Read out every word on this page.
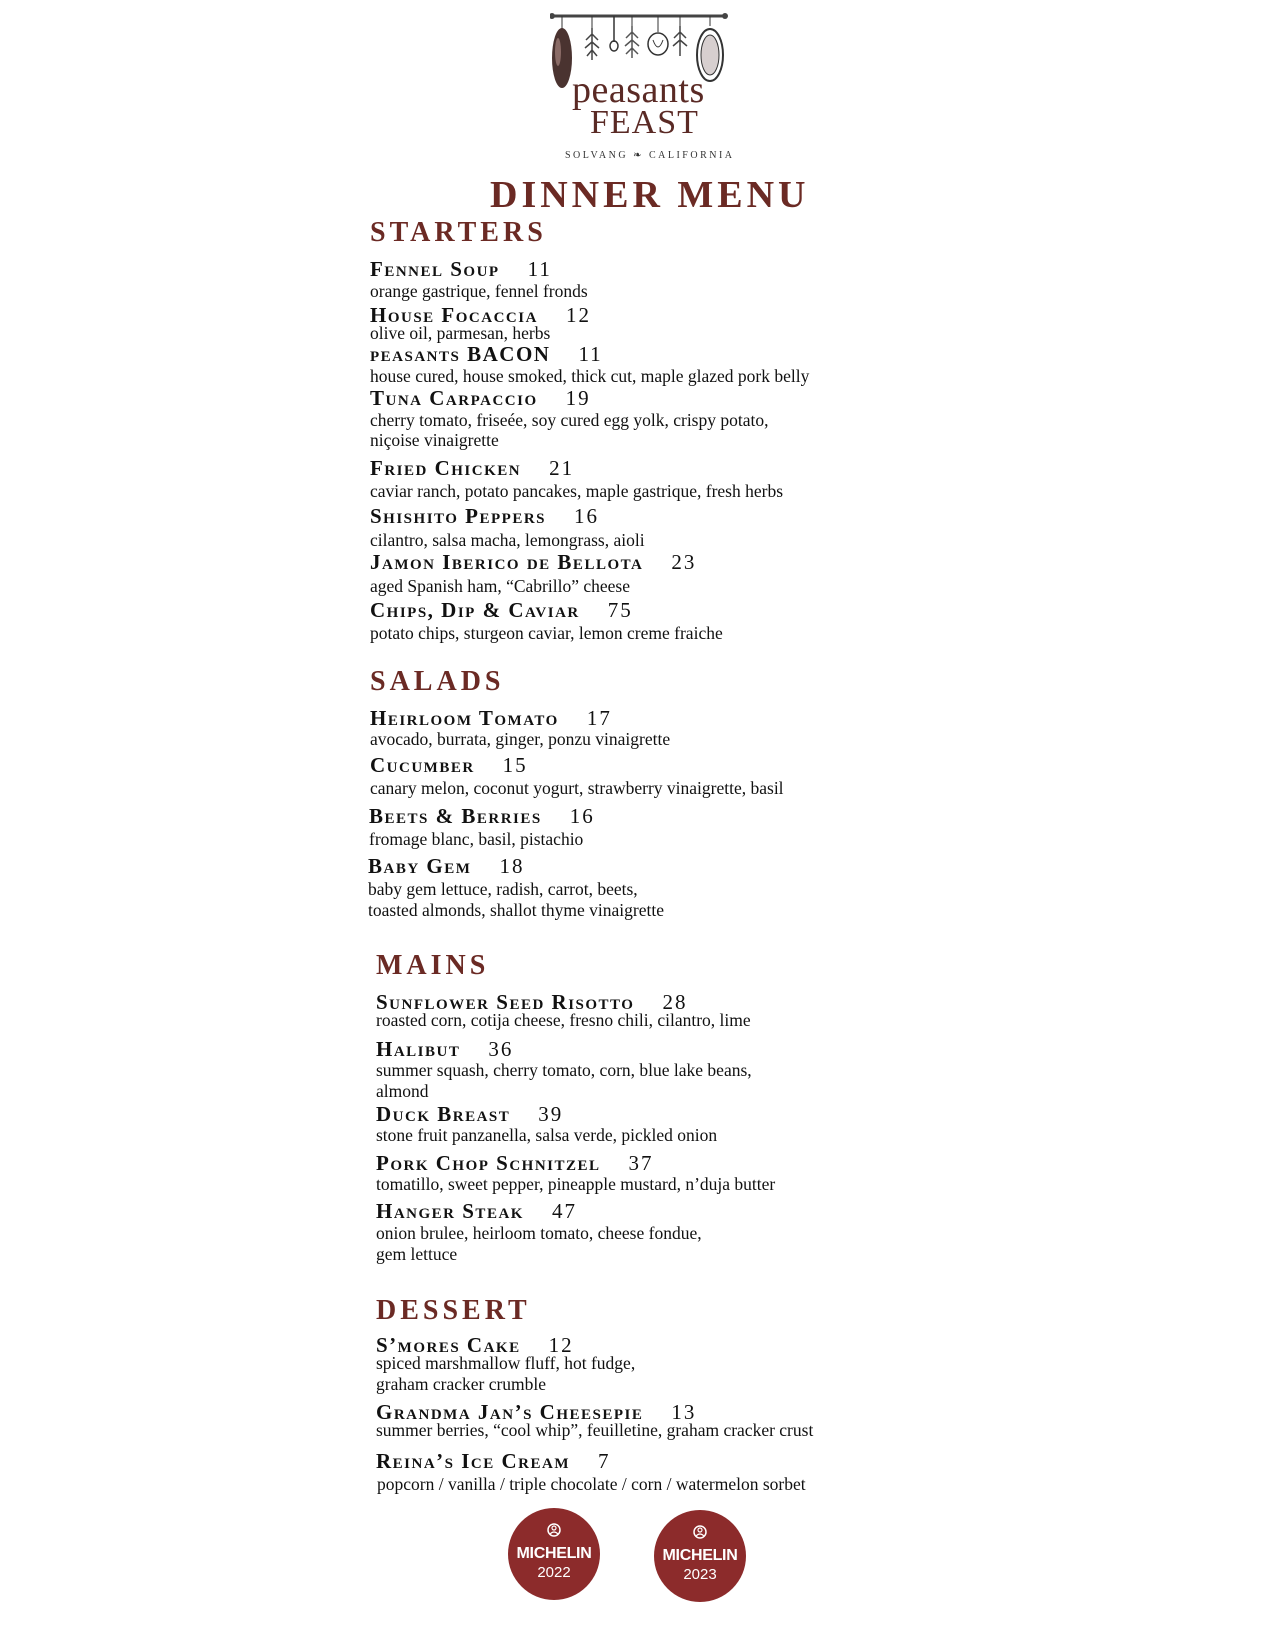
peasants
FEAST
SOLVANG ❧ CALIFORNIA
DINNER MENU
STARTERS
Fennel Soup 11
orange gastrique, fennel fronds
House Focaccia 12
olive oil, parmesan, herbs
peasants BACON 11
house cured, house smoked, thick cut, maple glazed pork belly
Tuna Carpaccio 19
cherry tomato, friseée, soy cured egg yolk, crispy potato,
niçoise vinaigrette
Fried Chicken 21
caviar ranch, potato pancakes, maple gastrique, fresh herbs
Shishito Peppers 16
cilantro, salsa macha, lemongrass, aioli
Jamon Iberico de Bellota 23
aged Spanish ham, “Cabrillo” cheese
Chips, Dip & Caviar 75
potato chips, sturgeon caviar, lemon creme fraiche
SALADS
Heirloom Tomato 17
avocado, burrata, ginger, ponzu vinaigrette
Cucumber 15
canary melon, coconut yogurt, strawberry vinaigrette, basil
Beets & Berries 16
fromage blanc, basil, pistachio
Baby Gem 18
baby gem lettuce, radish, carrot, beets,
toasted almonds, shallot thyme vinaigrette
MAINS
Sunflower Seed Risotto 28
roasted corn, cotija cheese, fresno chili, cilantro, lime
Halibut 36
summer squash, cherry tomato, corn, blue lake beans,
almond
Duck Breast 39
stone fruit panzanella, salsa verde, pickled onion
Pork Chop Schnitzel 37
tomatillo, sweet pepper, pineapple mustard, n’duja butter
Hanger Steak 47
onion brulee, heirloom tomato, cheese fondue,
gem lettuce
DESSERT
S’mores Cake 12
spiced marshmallow fluff, hot fudge,
graham cracker crumble
Grandma Jan’s Cheesepie 13
summer berries, “cool whip”, feuilletine, graham cracker crust
Reina’s Ice Cream 7
popcorn / vanilla / triple chocolate / corn / watermelon sorbet
MICHELIN
2022
MICHELIN
2023
